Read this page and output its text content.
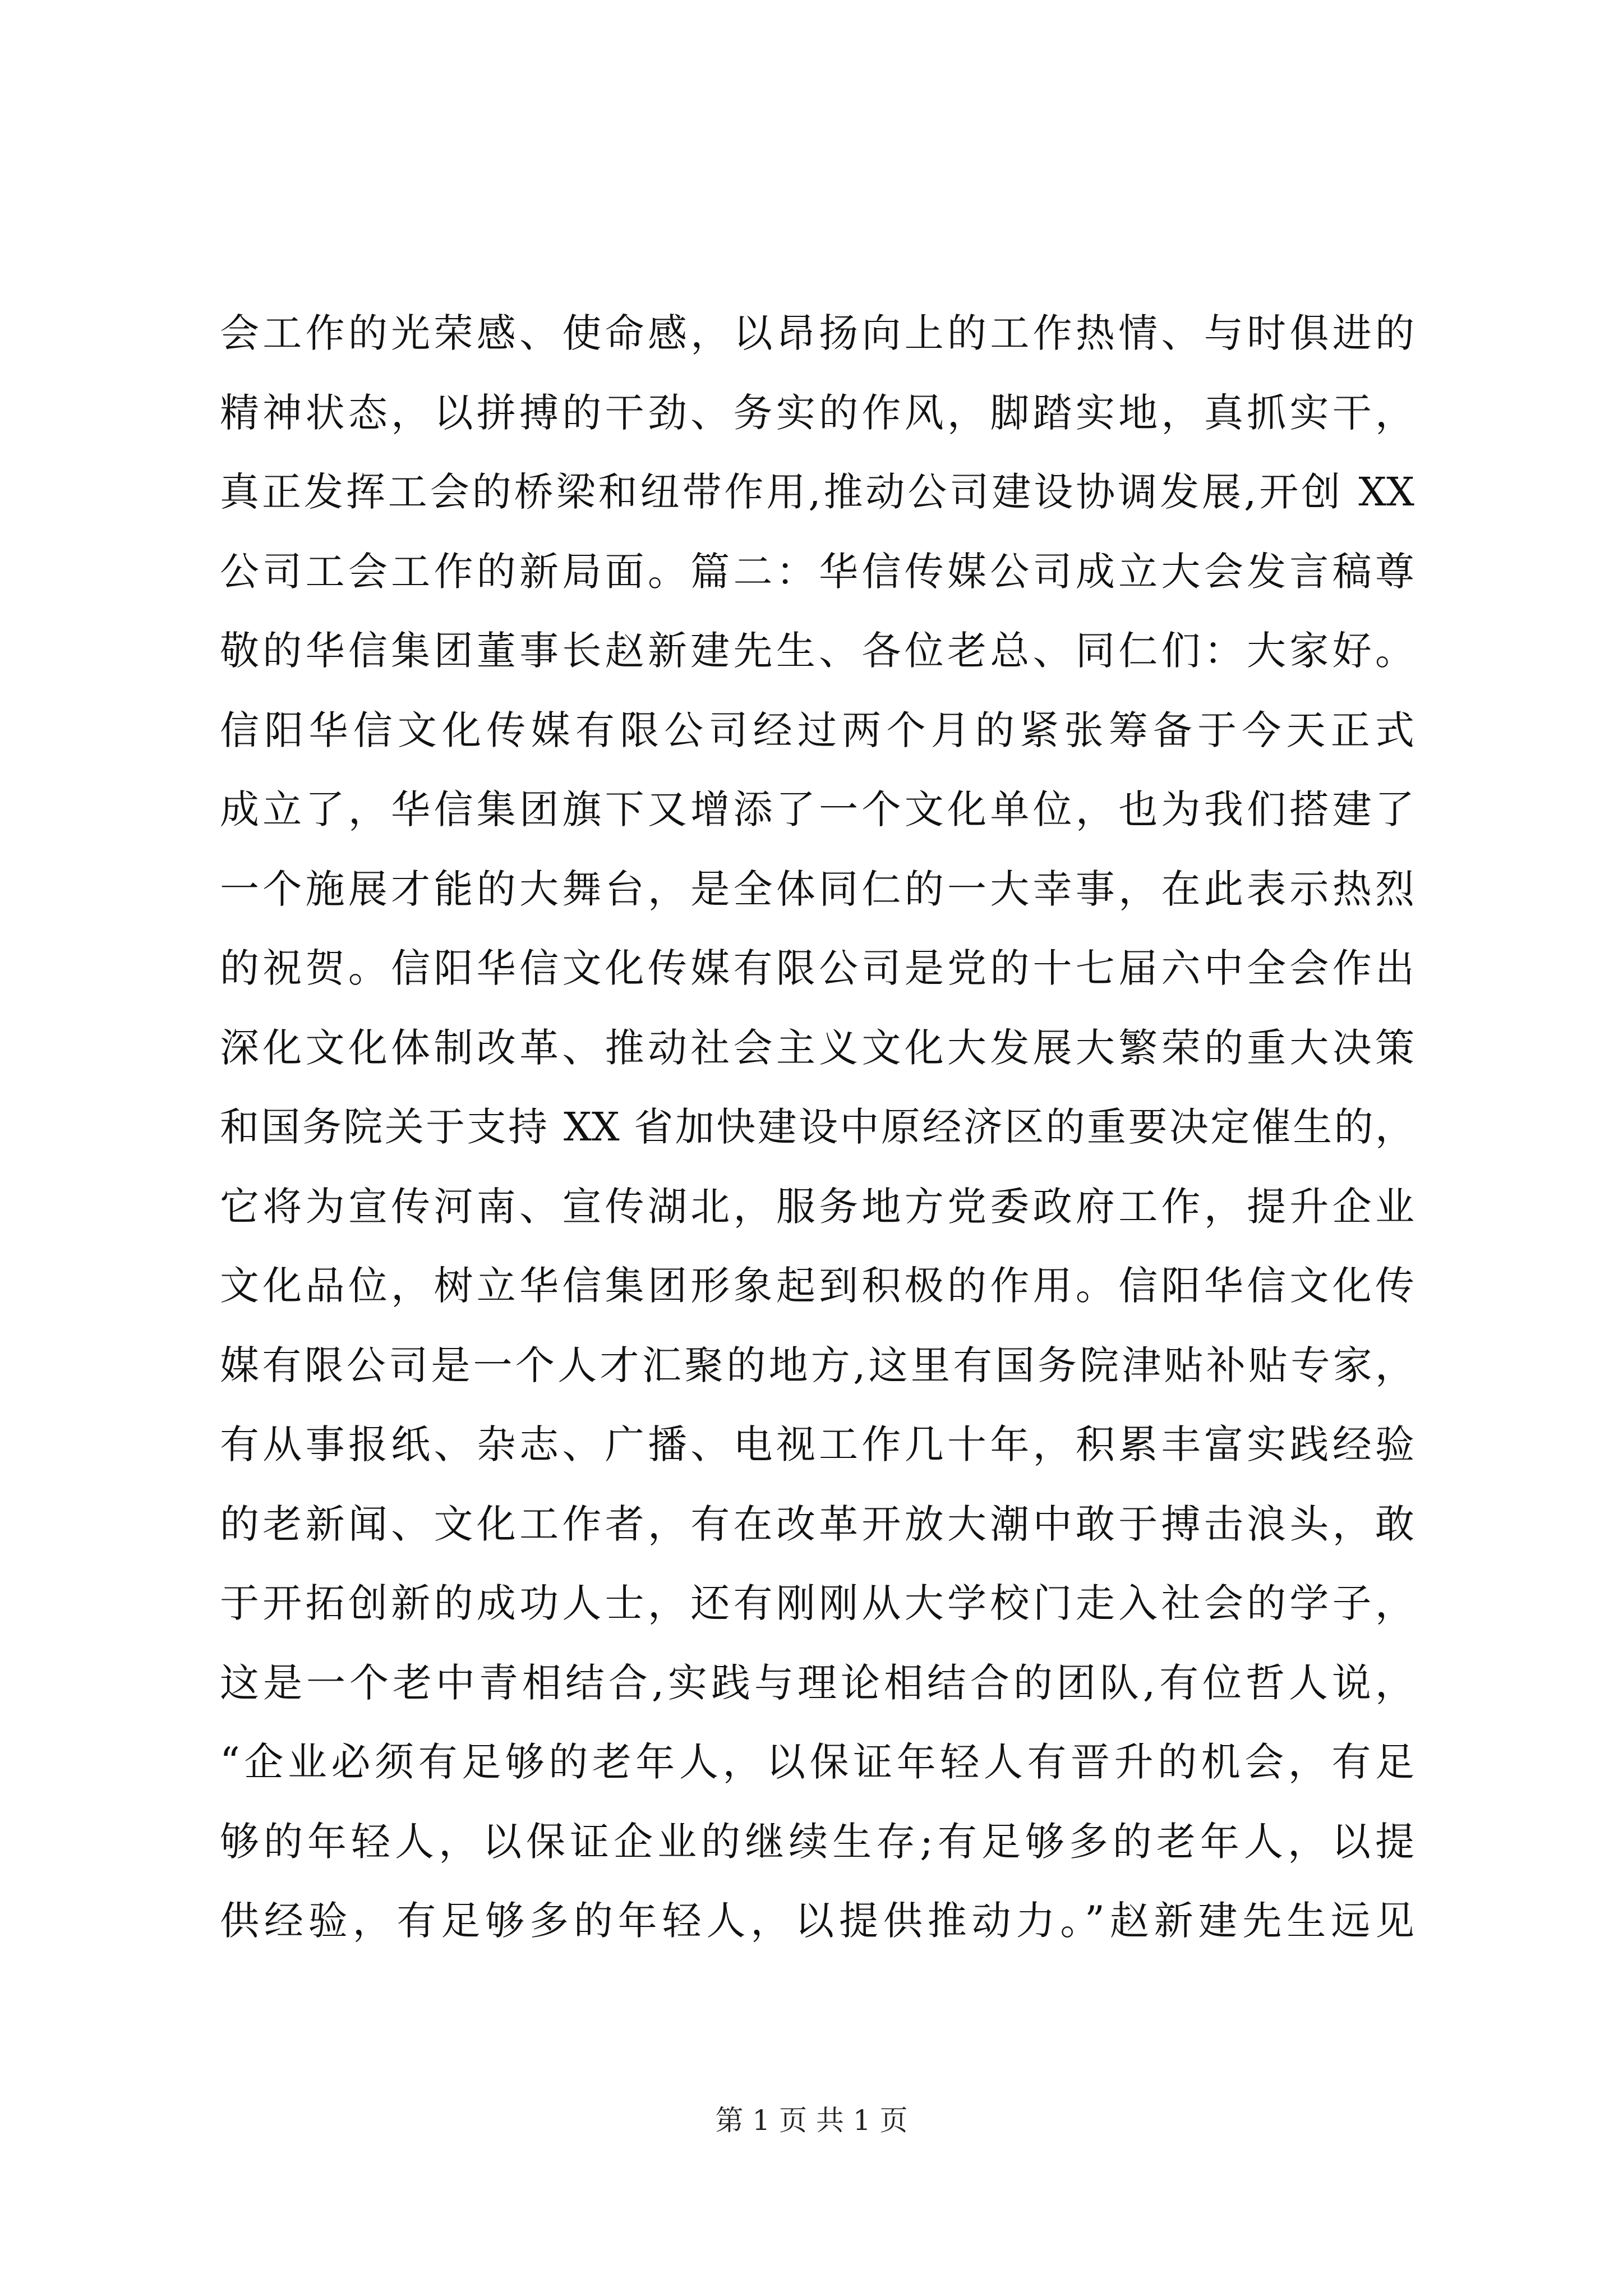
会工作的光荣感、使命感，以昂扬向上的工作热情、与时俱进的
精神状态，以拼搏的干劲、务实的作风，脚踏实地，真抓实干，
真正发挥工会的桥梁和纽带作用,推动公司建设协调发展,开创 XX
公司工会工作的新局面。篇二：华信传媒公司成立大会发言稿尊
敬的华信集团董事长赵新建先生、各位老总、同仁们：大家好。
信阳华信文化传媒有限公司经过两个月的紧张筹备于今天正式
成立了，华信集团旗下又增添了一个文化单位，也为我们搭建了
一个施展才能的大舞台，是全体同仁的一大幸事，在此表示热烈
的祝贺。信阳华信文化传媒有限公司是党的十七届六中全会作出
深化文化体制改革、推动社会主义文化大发展大繁荣的重大决策
和国务院关于支持 XX 省加快建设中原经济区的重要决定催生的，
它将为宣传河南、宣传湖北，服务地方党委政府工作，提升企业
文化品位，树立华信集团形象起到积极的作用。信阳华信文化传
媒有限公司是一个人才汇聚的地方,这里有国务院津贴补贴专家，
有从事报纸、杂志、广播、电视工作几十年，积累丰富实践经验
的老新闻、文化工作者，有在改革开放大潮中敢于搏击浪头，敢
于开拓创新的成功人士，还有刚刚从大学校门走入社会的学子，
这是一个老中青相结合,实践与理论相结合的团队,有位哲人说，
“企业必须有足够的老年人，以保证年轻人有晋升的机会，有足
够的年轻人，以保证企业的继续生存;有足够多的老年人，以提
供经验，有足够多的年轻人，以提供推动力。”赵新建先生远见
第 1 页 共 1 页
